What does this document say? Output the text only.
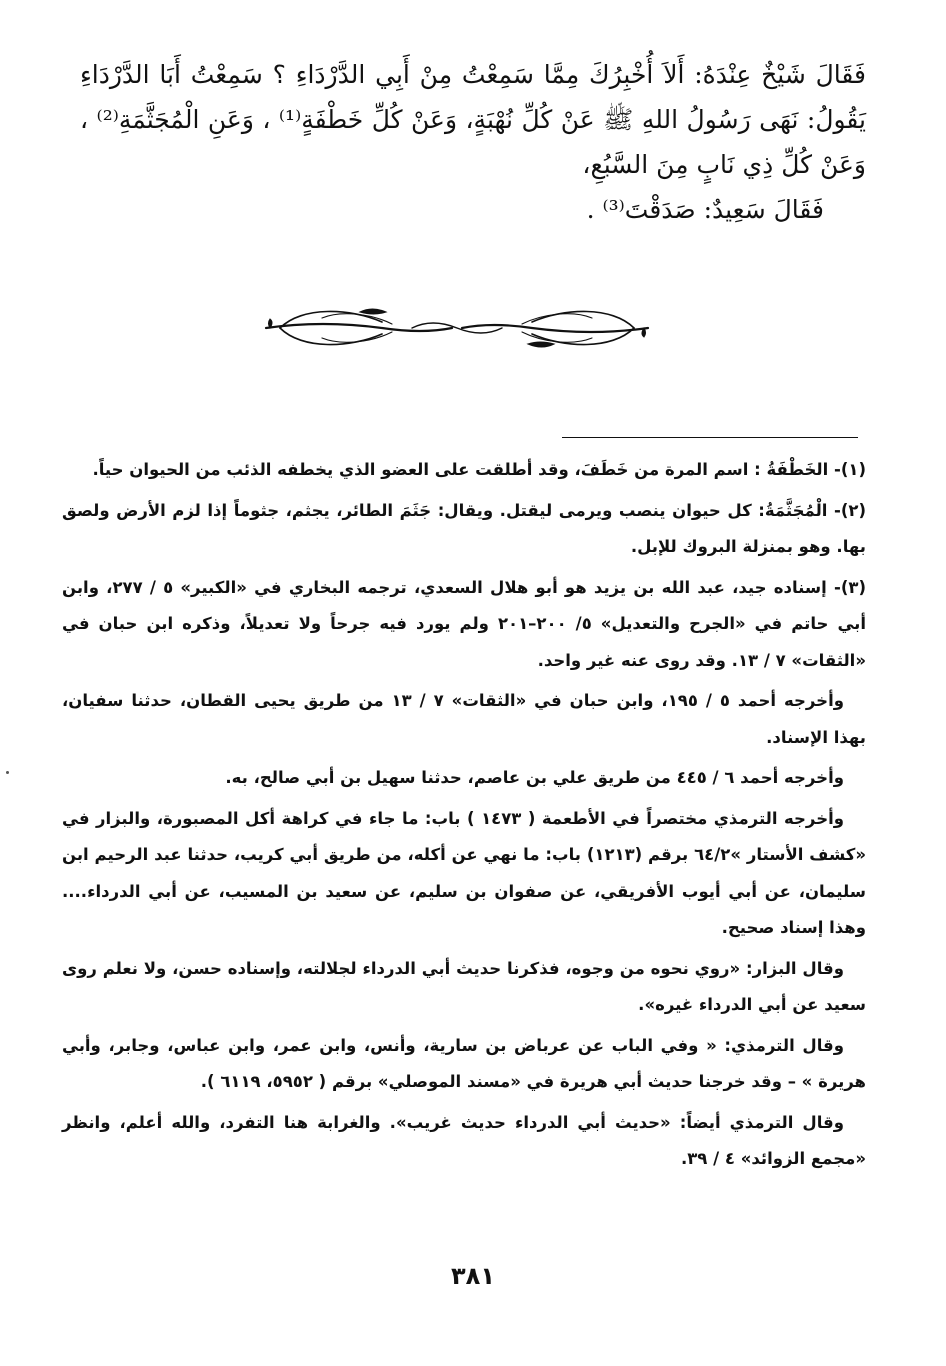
فَقَالَ شَيْخٌ عِنْدَهُ: أَلاَ أُخْبِرُكَ مِمَّا سَمِعْتُ مِنْ أَبِي الدَّرْدَاءِ ؟ سَمِعْتُ أَبَا الدَّرْدَاءِ يَقُولُ: نَهَى رَسُولُ اللهِ ﷺ عَنْ كُلِّ نُهْبَةٍ، وَعَنْ كُلِّ خَطْفَةٍ⁽¹⁾ ، وَعَنِ الْمُجَثَّمَةِ⁽²⁾ ، وَعَنْ كُلِّ ذِي نَابٍ مِنَ السَّبُعِ،

فَقَالَ سَعِيدٌ: صَدَقْتَ⁽³⁾ .

(١)- الخَطْفَةُ : اسم المرة من خَطَفَ، وقد أطلقت على العضو الذي يخطفه الذئب من الحيوان حياً.

(٢)- الْمُجَثَّمَةُ: كل حيوان ينصب ويرمى ليقتل. ويقال: جَثَمَ الطائر، يجثم، جثوماً إذا لزم الأرض ولصق بها. وهو بمنزلة البروك للإبل.

(٣)- إسناده جيد، عبد الله بن يزيد هو أبو هلال السعدي، ترجمه البخاري في «الكبير» ٥ / ٢٧٧، وابن أبي حاتم في «الجرح والتعديل» ٥/ ٢٠٠–٢٠١ ولم يورد فيه جرحاً ولا تعديلاً، وذكره ابن حبان في «الثقات» ٧ / ١٣. وقد روى عنه غير واحد.

وأخرجه أحمد ٥ / ١٩٥، وابن حبان في «الثقات» ٧ / ١٣ من طريق يحيى القطان، حدثنا سفيان، بهذا الإسناد.

وأخرجه أحمد ٦ / ٤٤٥ من طريق علي بن عاصم، حدثنا سهيل بن أبي صالح، به.

وأخرجه الترمذي مختصراً في الأطعمة ( ١٤٧٣ ) باب: ما جاء في كراهة أكل المصبورة، والبزار في «كشف الأستار »٦٤/٢ برقم (١٢١٣) باب: ما نهي عن أكله، من طريق أبي كريب، حدثنا عبد الرحيم ابن سليمان، عن أبي أيوب الأفريقي، عن صفوان بن سليم، عن سعيد بن المسيب، عن أبي الدرداء.... وهذا إسناد صحيح.

وقال البزار: «روي نحوه من وجوه، فذكرنا حديث أبي الدرداء لجلالته، وإسناده حسن، ولا نعلم روى سعيد عن أبي الدرداء غيره».

وقال الترمذي: « وفي الباب عن عرباض بن سارية، وأنس، وابن عمر، وابن عباس، وجابر، وأبي هريرة » – وقد خرجنا حديث أبي هريرة في «مسند الموصلي» برقم ( ٥٩٥٢، ٦١١٩ ).

وقال الترمذي أيضاً: «حديث أبي الدرداء حديث غريب». والغرابة هنا التفرد، والله أعلم، وانظر «مجمع الزوائد» ٤ / ٣٩.

٣٨١
